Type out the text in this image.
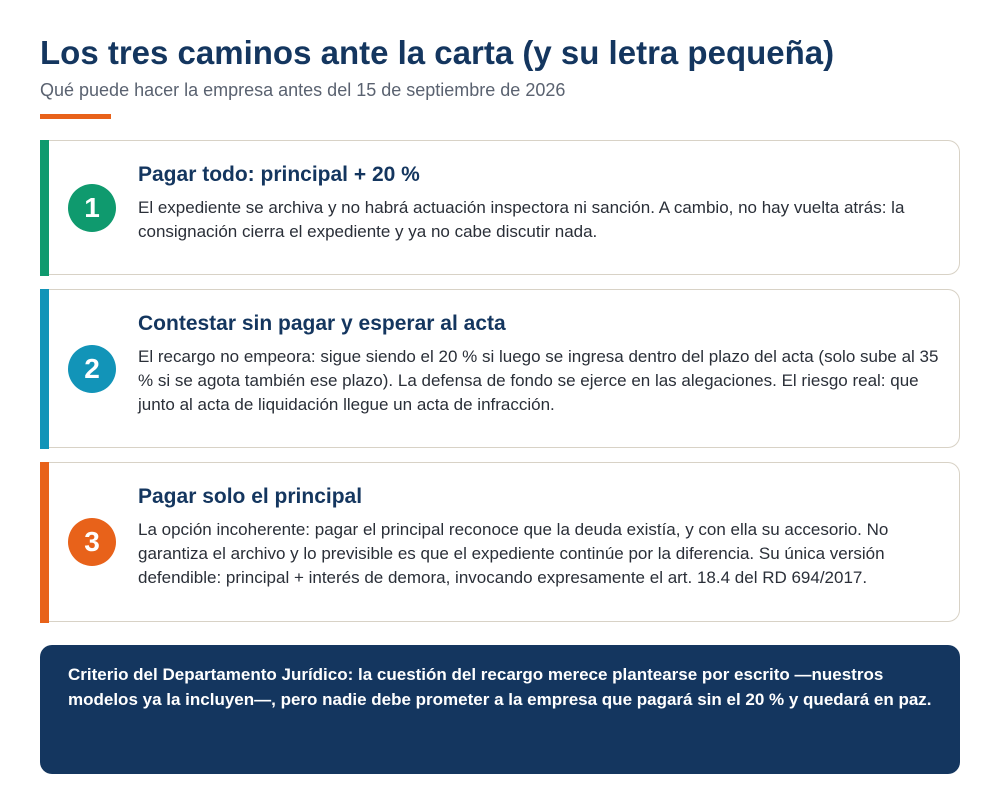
Los tres caminos ante la carta (y su letra pequeña)
Qué puede hacer la empresa antes del 15 de septiembre de 2026
1
Pagar todo: principal + 20 %
El expediente se archiva y no habrá actuación inspectora ni sanción. A cambio, no hay vuelta atrás: la consignación cierra el expediente y ya no cabe discutir nada.
2
Contestar sin pagar y esperar al acta
El recargo no empeora: sigue siendo el 20 % si luego se ingresa dentro del plazo del acta (solo sube al 35 % si se agota también ese plazo). La defensa de fondo se ejerce en las alegaciones. El riesgo real: que junto al acta de liquidación llegue un acta de infracción.
3
Pagar solo el principal
La opción incoherente: pagar el principal reconoce que la deuda existía, y con ella su accesorio. No garantiza el archivo y lo previsible es que el expediente continúe por la diferencia. Su única versión defendible: principal + interés de demora, invocando expresamente el art. 18.4 del RD 694/2017.
Criterio del Departamento Jurídico: la cuestión del recargo merece plantearse por escrito —nuestros modelos ya la incluyen—, pero nadie debe prometer a la empresa que pagará sin el 20 % y quedará en paz.
